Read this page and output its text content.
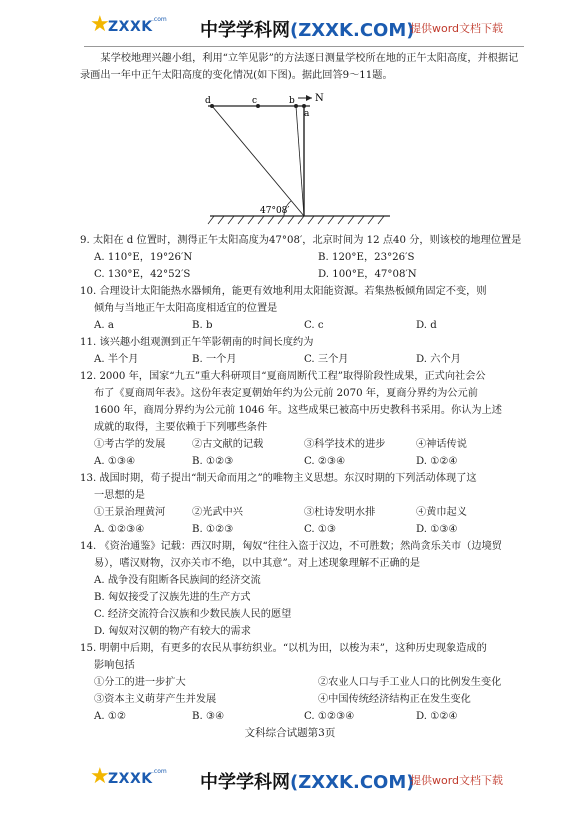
★
ZXXK .com
中学学科网(ZXXK.COM)
提供word文档下载

某学校地理兴趣小组，利用“立竿见影”的方法逐日测量学校所在地的正午太阳高度，并根据记录画出一年中正午太阳高度的变化情况(如下图)。据此回答9～11题。

N
d	c	b
a
47°08′

9. 太阳在 d 位置时，测得正午太阳高度为47°08′，北京时间为 12 点40 分，则该校的地理位置是

A. 110°E，19°26′N	B. 120°E，23°26′S
C. 130°E，42°52′S	D. 100°E，47°08′N

10. 合理设计太阳能热水器倾角，能更有效地利用太阳能资源。若集热板倾角固定不变，则

倾角与当地正午太阳高度相适宜的位置是

A. a	B. b	C. c	D. d

11. 该兴趣小组观测到正午竿影朝南的时间长度约为

A. 半个月	B. 一个月	C. 三个月	D. 六个月

12. 2000 年，国家“九五”重大科研项目“夏商周断代工程”取得阶段性成果，正式向社会公

布了《夏商周年表》。这份年表定夏朝始年约为公元前 2070 年，夏商分界约为公元前

1600 年，商周分界约为公元前 1046 年。这些成果已被高中历史教科书采用。你认为上述

成就的取得，主要依赖于下列哪些条件

①考古学的发展	②古文献的记载	③科学技术的进步	④神话传说
A. ①③④	B. ①②③	C. ②③④	D. ①②④

13. 战国时期，荀子提出“制天命而用之”的唯物主义思想。东汉时期的下列活动体现了这

一思想的是

①王景治理黄河	②光武中兴	③杜诗发明水排	④黄巾起义
A. ①②③④	B. ①②③	C. ①③	D. ①③④

14. 《资治通鉴》记载：西汉时期，匈奴“往往入盗于汉边，不可胜数；然尚贪乐关市（边境贸

易），嗜汉财物，汉亦关市不绝，以中其意”。对上述现象理解不正确的是

A. 战争没有阻断各民族间的经济交流

B. 匈奴接受了汉族先进的生产方式

C. 经济交流符合汉族和少数民族人民的愿望

D. 匈奴对汉朝的物产有较大的需求

15. 明朝中后期，有更多的农民从事纺织业。“以机为田，以梭为耒”，这种历史现象造成的

影响包括

①分工的进一步扩大	②农业人口与手工业人口的比例发生变化
③资本主义萌芽产生并发展	④中国传统经济结构正在发生变化
A. ①②	B. ③④	C. ①②③④	D. ①②④
文科综合试题第3页
★
ZXXK .com
中学学科网(ZXXK.COM)
提供word文档下载
